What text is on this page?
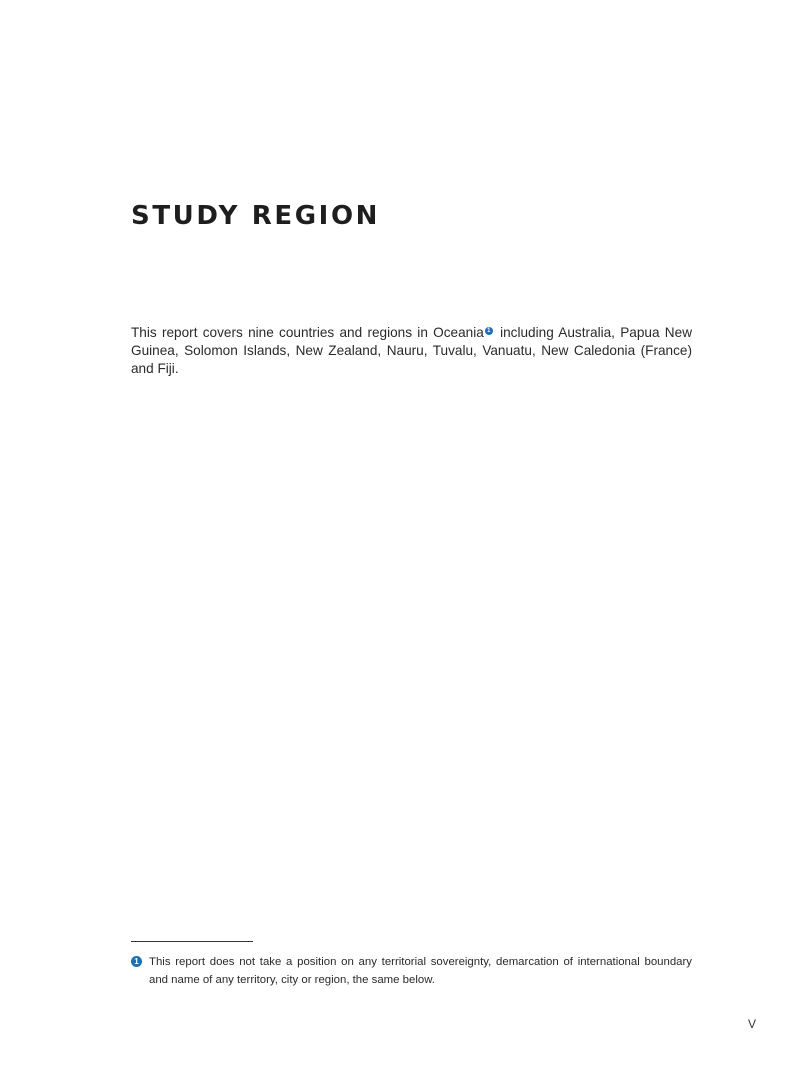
STUDY REGION

This report covers nine countries and regions in Oceania 1 including Australia, Papua New Guinea, Solomon Islands, New Zealand, Nauru, Tuvalu, Vanuatu, New Caledonia (France) and Fiji.

1 This report does not take a position on any territorial sovereignty, demarcation of international boundary and name of any territory, city or region, the same below.

V
